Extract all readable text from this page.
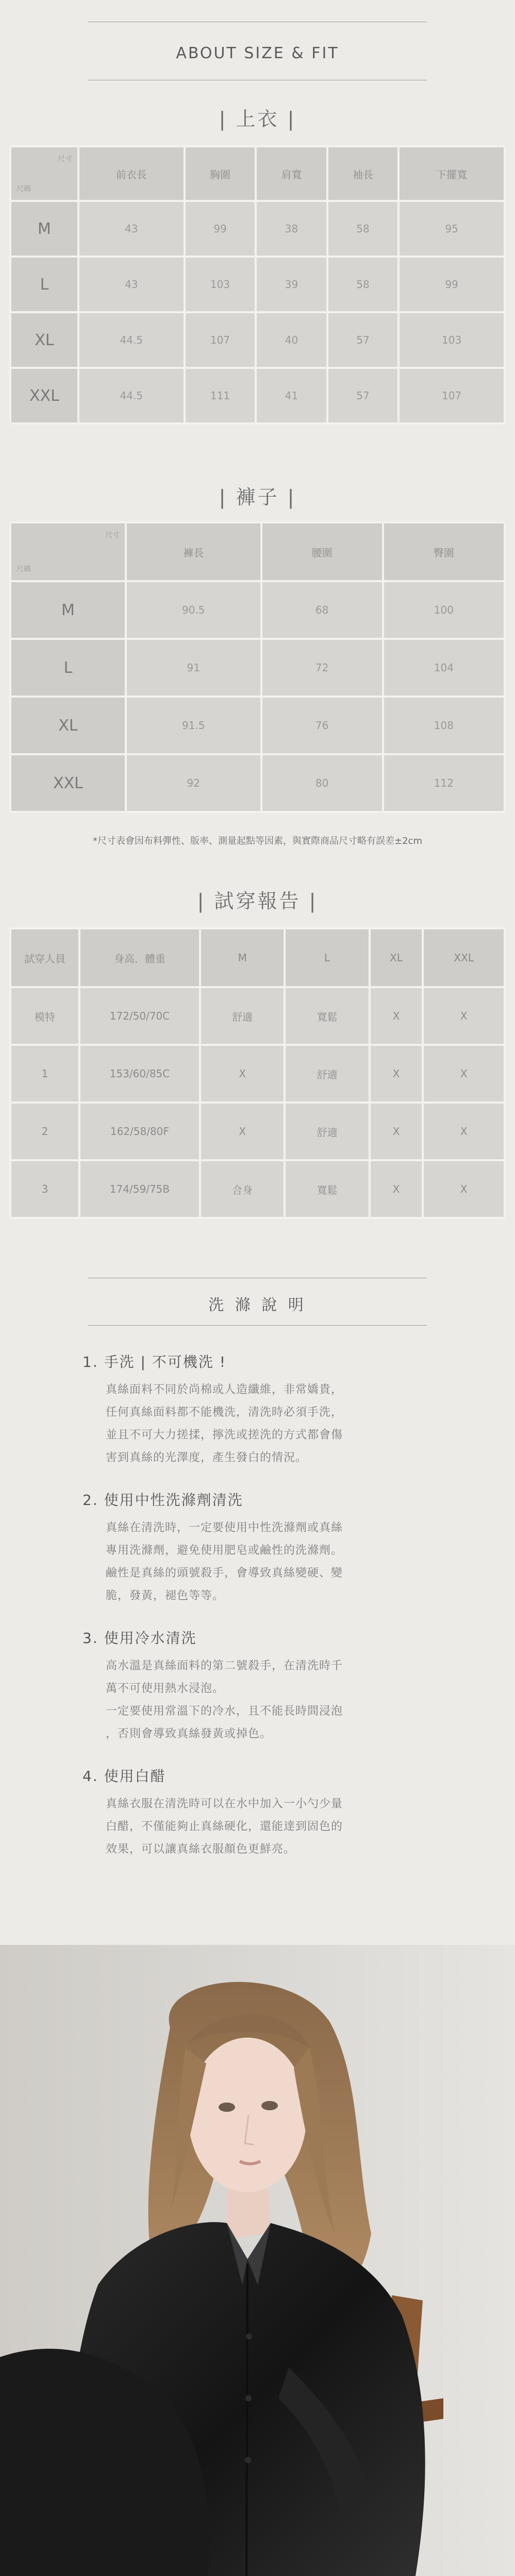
ABOUT SIZE & FIT
| 上衣 |
尺寸
尺碼	前衣長	胸圍	肩寬	袖長	下擺寬
M	43	99	38	58	95
L	43	103	39	58	99
XL	44.5	107	40	57	103
XXL	44.5	111	41	57	107
| 褲子 |
尺寸
尺碼	褲長	腰圍	臀圍
M	90.5	68	100
L	91	72	104
XL	91.5	76	108
XXL	92	80	112
*尺寸表會因布料彈性、版率、測量起點等因素，與實際商品尺寸略有誤差±2cm
| 試穿報告 |
試穿人員	身高．體重	M	L	XL	XXL
模特	172/50/70C	舒適	寬鬆	X	X
1	153/60/85C	X	舒適	X	X
2	162/58/80F	X	舒適	X	X
3	174/59/75B	合身	寬鬆	X	X
洗 滌 說 明
1. 手洗 | 不可機洗 !
真絲面料不同於尚棉或人造纖維，非常嬌貴，
任何真絲面料都不能機洗，清洗時必須手洗，
並且不可大力搓揉，擰洗或搓洗的方式都會傷
害到真絲的光澤度，產生發白的情況。
2. 使用中性洗滌劑清洗
真絲在清洗時，一定要使用中性洗滌劑或真絲
專用洗滌劑，避免使用肥皂或鹼性的洗滌劑。
鹼性是真絲的頭號殺手，會導致真絲變硬、變
脆，發黃，褪色等等。
3. 使用冷水清洗
高水溫是真絲面料的第二號殺手，在清洗時千
萬不可使用熱水浸泡。
一定要使用常溫下的冷水，且不能長時間浸泡
，否則會導致真絲發黃或掉色。
4. 使用白醋
真絲衣服在清洗時可以在水中加入一小勺少量
白醋，不僅能夠止真絲硬化，還能達到固色的
效果，可以讓真絲衣服顏色更鮮亮。
